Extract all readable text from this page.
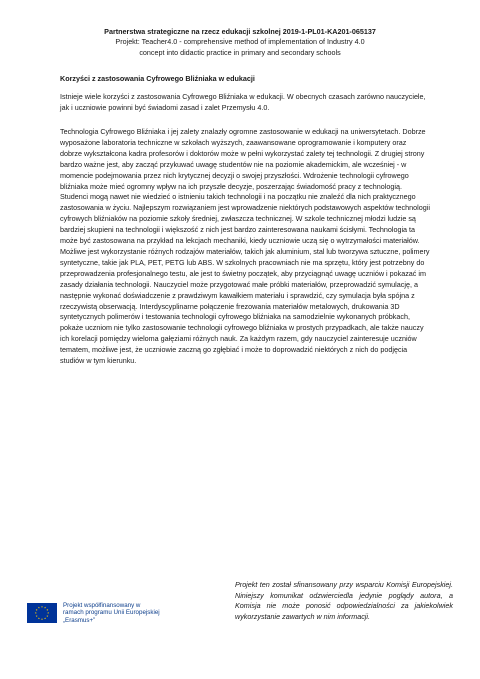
Partnerstwa strategiczne na rzecz edukacji szkolnej 2019-1-PL01-KA201-065137
Projekt: Teacher4.0 - comprehensive method of implementation of Industry 4.0
concept into didactic practice in primary and secondary schools
Korzyści z zastosowania Cyfrowego Bliźniaka w edukacji

Istnieje wiele korzyści z zastosowania Cyfrowego Bliźniaka w edukacji. W obecnych czasach zarówno nauczyciele, jak i uczniowie powinni być świadomi zasad i zalet Przemysłu 4.0.

Technologia Cyfrowego Bliźniaka i jej zalety znalazły ogromne zastosowanie w edukacji na uniwersytetach. Dobrze wyposażone laboratoria techniczne w szkołach wyższych, zaawansowane oprogramowanie i komputery oraz dobrze wykształcona kadra profesorów i doktorów może w pełni wykorzystać zalety tej technologii. Z drugiej strony bardzo ważne jest, aby zacząć przykuwać uwagę studentów nie na poziomie akademickim, ale wcześniej - w momencie podejmowania przez nich krytycznej decyzji o swojej przyszłości. Wdrożenie technologii cyfrowego bliźniaka może mieć ogromny wpływ na ich przyszłe decyzje, poszerzając świadomość pracy z technologią. Studenci mogą nawet nie wiedzieć o istnieniu takich technologii i na początku nie znaleźć dla nich praktycznego zastosowania w życiu. Najlepszym rozwiązaniem jest wprowadzenie niektórych podstawowych aspektów technologii cyfrowych bliźniaków na poziomie szkoły średniej, zwłaszcza technicznej. W szkole technicznej młodzi ludzie są bardziej skupieni na technologii i większość z nich jest bardzo zainteresowana naukami ścisłymi. Technologia ta może być zastosowana na przykład na lekcjach mechaniki, kiedy uczniowie uczą się o wytrzymałości materiałów. Możliwe jest wykorzystanie różnych rodzajów materiałów, takich jak aluminium, stal lub tworzywa sztuczne, polimery syntetyczne, takie jak PLA, PET, PETG lub ABS. W szkolnych pracowniach nie ma sprzętu, który jest potrzebny do przeprowadzenia profesjonalnego testu, ale jest to świetny początek, aby przyciągnąć uwagę uczniów i pokazać im zasady działania technologii. Nauczyciel może przygotować małe próbki materiałów, przeprowadzić symulację, a następnie wykonać doświadczenie z prawdziwym kawałkiem materiału i sprawdzić, czy symulacja była spójna z rzeczywistą obserwacją. Interdyscyplinarne połączenie frezowania materiałów metalowych, drukowania 3D syntetycznych polimerów i testowania technologii cyfrowego bliźniaka na samodzielnie wykonanych próbkach, pokaże uczniom nie tylko zastosowanie technologii cyfrowego bliźniaka w prostych przypadkach, ale także nauczy ich korelacji pomiędzy wieloma gałęziami różnych nauk. Za każdym razem, gdy nauczyciel zainteresuje uczniów tematem, możliwe jest, że uczniowie zaczną go zgłębiać i może to doprowadzić niektórych z nich do podjęcia studiów w tym kierunku.

Projekt współfinansowany w
ramach programu Unii Europejskiej
„Erasmus+”
Projekt ten został sfinansowany przy wsparciu Komisji Europejskiej. Niniejszy komunikat odzwierciedla jedynie poglądy autora, a Komisja nie może ponosić odpowiedzialności za jakiekolwiek wykorzystanie zawartych w nim informacji.
